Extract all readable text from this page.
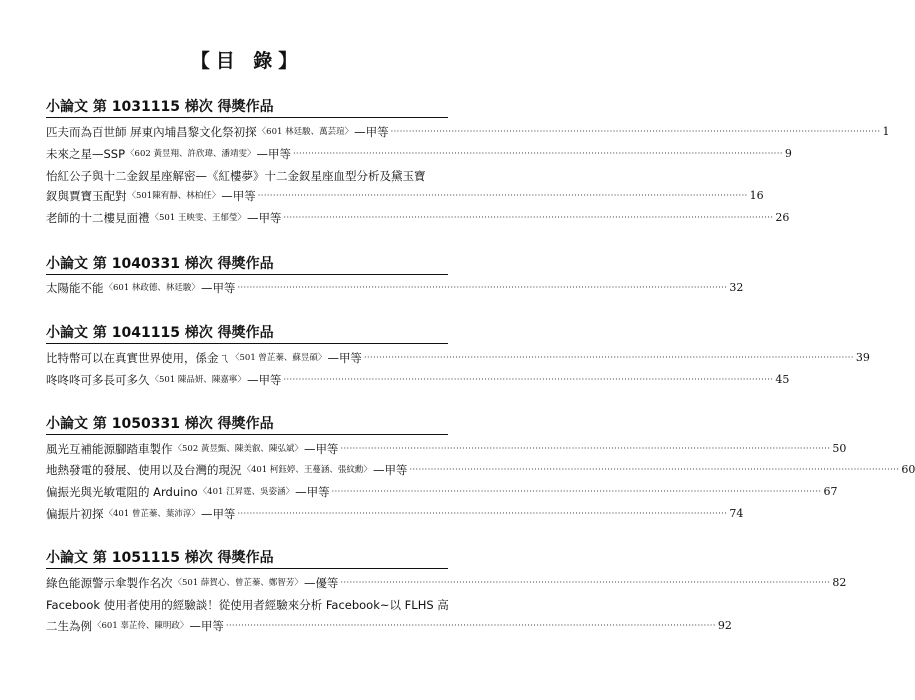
【目 錄】
小論文 第 1031115 梯次 得獎作品
匹夫而為百世師 屏東內埔昌黎文化祭初探 〈601 林廷駿、萬芸瑄〉 —甲等 ································································································································································· 1
未來之星—SSP 〈602 黃昱翔、許欣瑋、潘靖雯〉 —甲等 ································································································································································· 9
怡紅公子與十二金釵星座解密—《紅樓夢》十二金釵星座血型分析及黛玉寶
釵與賈寶玉配對 〈501陳宥靜、林柏任〉 —甲等 ································································································································································· 16
老師的十二樓見面禮 〈501 王映雯、王郁瑩〉 —甲等 ································································································································································· 26
小論文 第 1040331 梯次 得獎作品
太陽能不能 〈601 林政德、林廷駿〉 —甲等 ································································································································································· 32
小論文 第 1041115 梯次 得獎作品
比特幣可以在真實世界使用，係金ㄟ 〈501 曾芷蓁、蘇昱碩〉 —甲等 ································································································································································· 39
咚咚咚可多長可多久 〈501 陳品妍、陳嘉寧〉 —甲等 ································································································································································· 45
小論文 第 1050331 梯次 得獎作品
風光互補能源腳踏車製作 〈502 黃昱甄、陳美叡、陳弘斌〉 —甲等 ································································································································································· 50
地熱發電的發展、使用以及台灣的現況 〈401 柯鈺婷、王蔓涵、張紋勳〉 —甲等 ································································································································································· 60
偏振光與光敏電阻的 Arduino 〈401 江昇霆、吳姿涵〉 —甲等 ································································································································································· 67
偏振片初探 〈401 曾芷蓁、葉沛淳〉 —甲等 ································································································································································· 74
小論文 第 1051115 梯次 得獎作品
綠色能源警示傘製作名次 〈501 薛賀心、曾芷蓁、鄭智芳〉 —優等 ································································································································································· 82
Facebook 使用者使用的經驗談！從使用者經驗來分析 Facebook~以 FLHS 高
二生為例 〈601 辜芷伶、陳明政〉 —甲等 ································································································································································· 92
